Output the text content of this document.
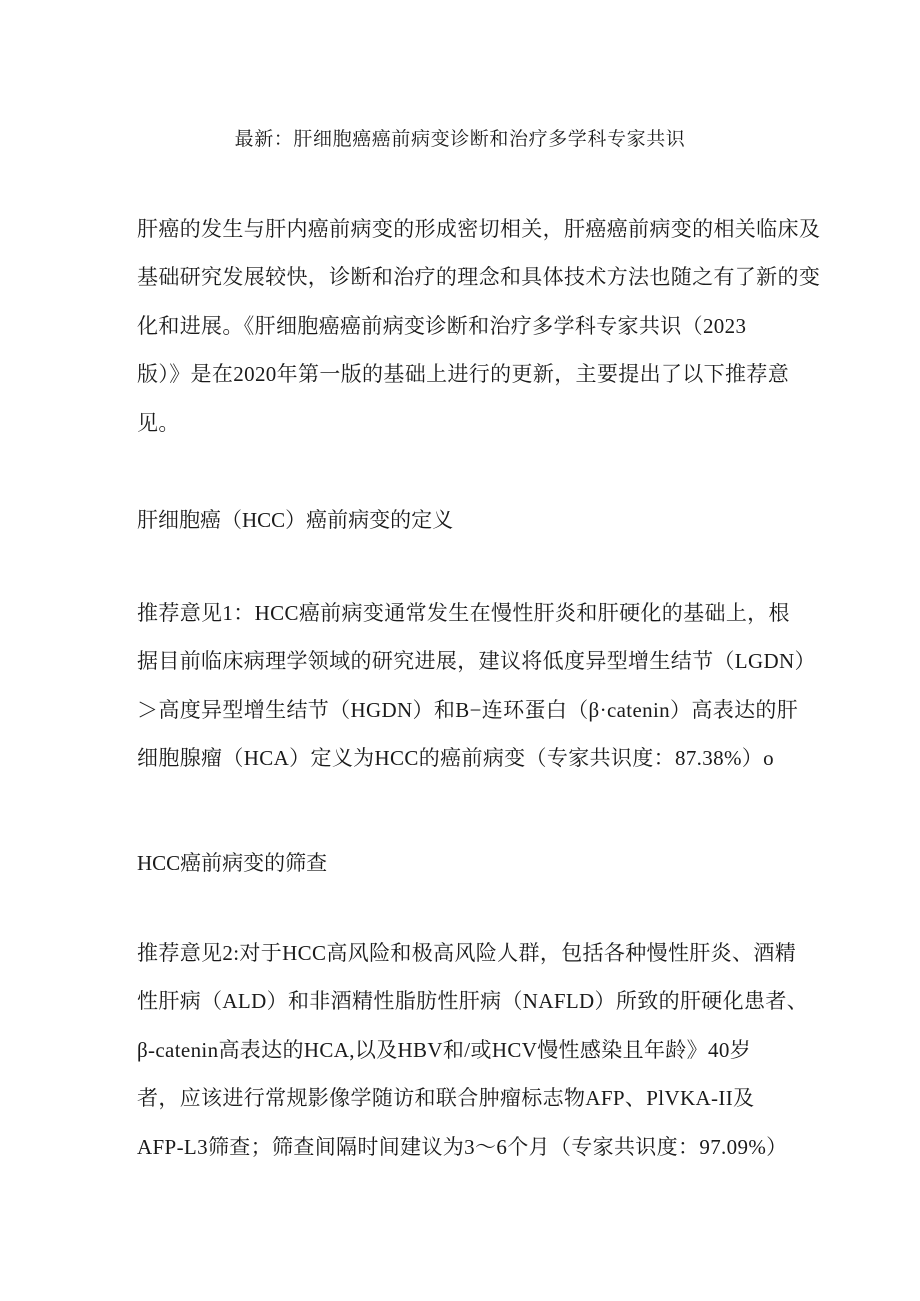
最新：肝细胞癌癌前病变诊断和治疗多学科专家共识
肝癌的发生与肝内癌前病变的形成密切相关，肝癌癌前病变的相关临床及
基础研究发展较快，诊断和治疗的理念和具体技术方法也随之有了新的变
化和进展。《肝细胞癌癌前病变诊断和治疗多学科专家共识（2023
版）》是在2020年第一版的基础上进行的更新，主要提出了以下推荐意
见。
肝细胞癌（HCC）癌前病变的定义
推荐意见1：HCC癌前病变通常发生在慢性肝炎和肝硬化的基础上，根
据目前临床病理学领域的研究进展，建议将低度异型增生结节（LGDN）
＞高度异型增生结节（HGDN）和B−连环蛋白（β·catenin）高表达的肝
细胞腺瘤（HCA）定义为HCC的癌前病变（专家共识度：87.38%）o
HCC癌前病变的筛查
推荐意见2:对于HCC高风险和极高风险人群，包括各种慢性肝炎、酒精
性肝病（ALD）和非酒精性脂肪性肝病（NAFLD）所致的肝硬化患者、
β-catenin高表达的HCA,以及HBV和/或HCV慢性感染且年龄》40岁
者，应该进行常规影像学随访和联合肿瘤标志物AFP、PlVKA-II及
AFP-L3筛查；筛查间隔时间建议为3～6个月（专家共识度：97.09%）
